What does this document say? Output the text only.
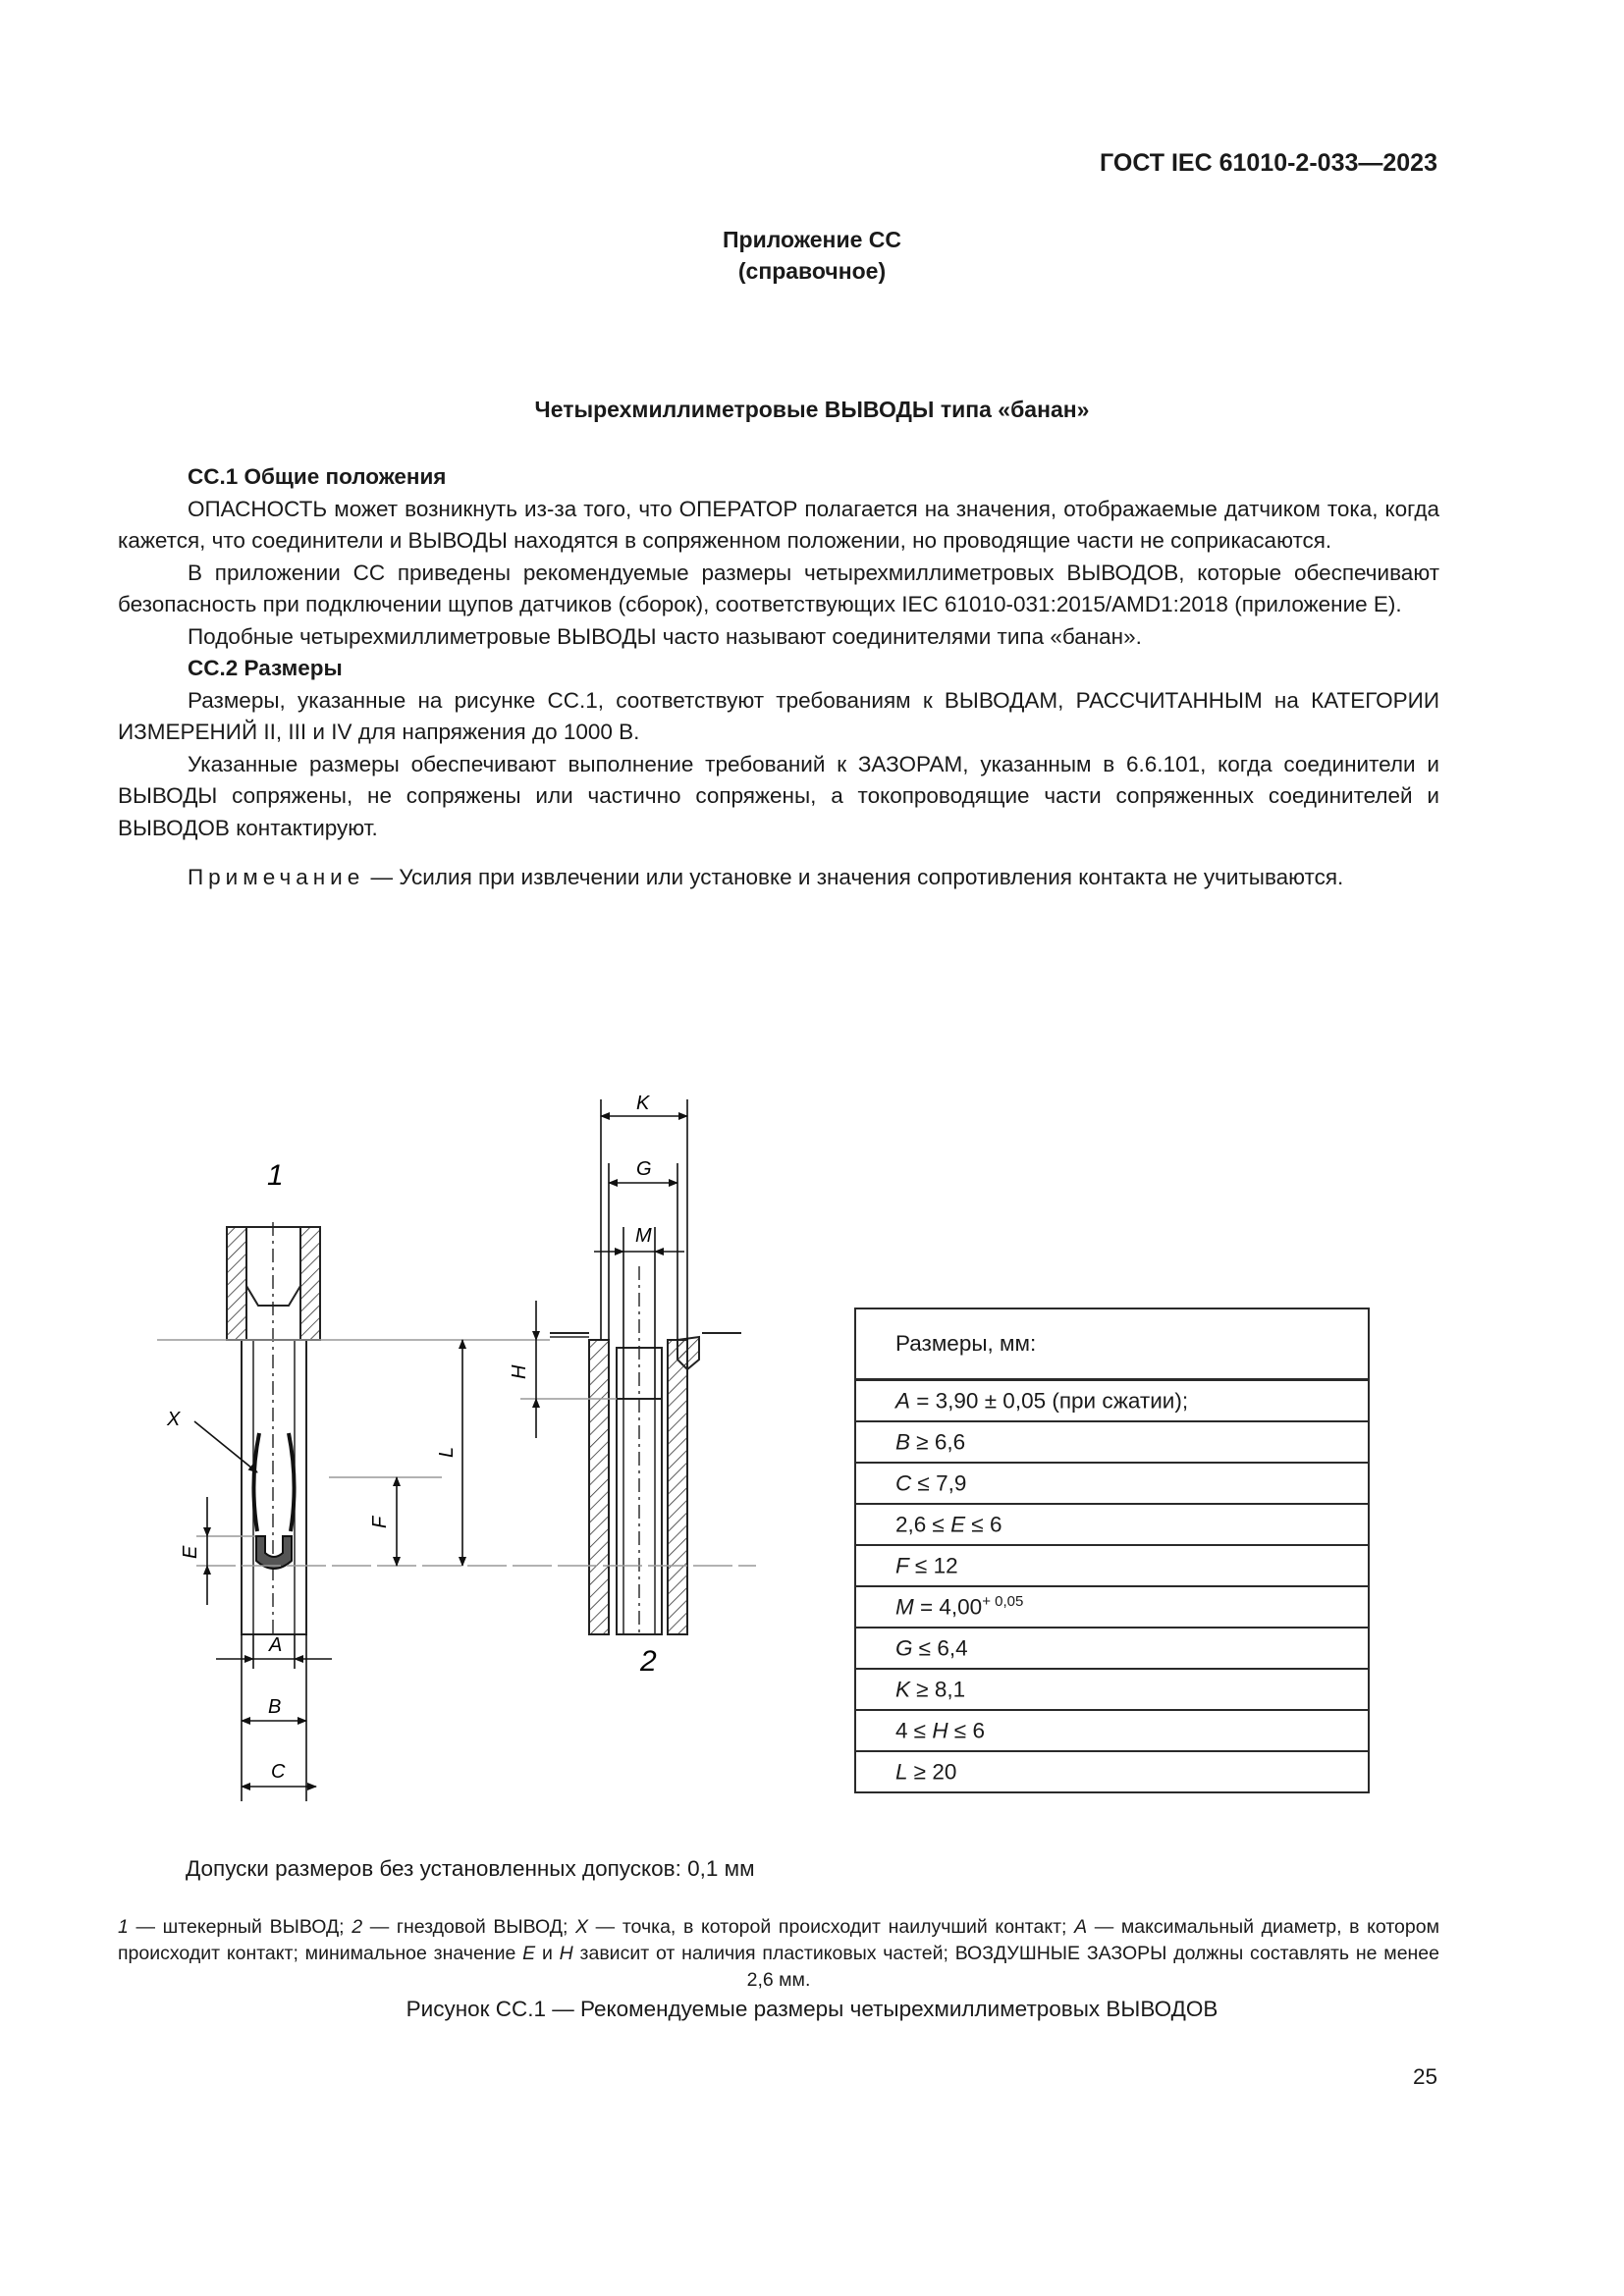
ГОСТ IEC 61010-2-033—2023
Приложение СС
(справочное)
Четырехмиллиметровые ВЫВОДЫ типа «банан»

СС.1 Общие положения

ОПАСНОСТЬ может возникнуть из-за того, что ОПЕРАТОР полагается на значения, отображаемые датчиком тока, когда кажется, что соединители и ВЫВОДЫ находятся в сопряженном положении, но проводящие части не соприкасаются.

В приложении СС приведены рекомендуемые размеры четырехмиллиметровых ВЫВОДОВ, которые обеспечивают безопасность при подключении щупов датчиков (сборок), соответствующих IEC 61010-031:2015/AMD1:2018 (приложение Е).

Подобные четырехмиллиметровые ВЫВОДЫ часто называют соединителями типа «банан».

СС.2 Размеры

Размеры, указанные на рисунке СС.1, соответствуют требованиям к ВЫВОДАМ, РАССЧИТАННЫМ на КАТЕГОРИИ ИЗМЕРЕНИЙ II, III и IV для напряжения до 1000 В.

Указанные размеры обеспечивают выполнение требований к ЗАЗОРАМ, указанным в 6.6.101, когда соединители и ВЫВОДЫ сопряжены, не сопряжены или частично сопряжены, а токопроводящие части сопряженных соединителей и ВЫВОДОВ контактируют.

Примечание — Усилия при извлечении или установке и значения сопротивления контакта не учитываются.

1
2
X
L
F
E
H
A
B
C
K
G
M
Размеры, мм:
A = 3,90 ± 0,05 (при сжатии);
B ≥ 6,6
C ≤ 7,9
2,6 ≤ E ≤ 6
F ≤ 12
$M = 4,00^{+ 0,05}$
G ≤ 6,4
K ≥ 8,1
4 ≤ H ≤ 6
L ≥ 20
Допуски размеров без установленных допусков: 0,1 мм
1 — штекерный ВЫВОД; 2 — гнездовой ВЫВОД; X — точка, в которой происходит наилучший контакт; A — максимальный диаметр, в котором происходит контакт; минимальное значение E и H зависит от наличия пластиковых частей; ВОЗДУШНЫЕ ЗАЗОРЫ должны составлять не менее 2,6 мм.
Рисунок СС.1 — Рекомендуемые размеры четырехмиллиметровых ВЫВОДОВ
25
